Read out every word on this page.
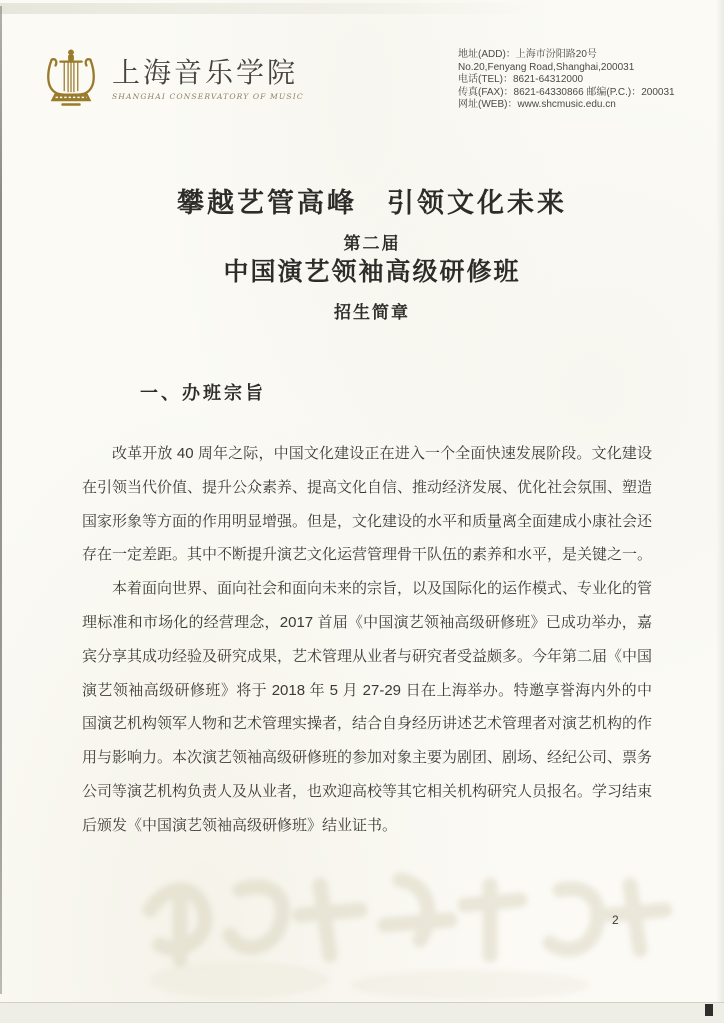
上海音乐学院
SHANGHAI CONSERVATORY OF MUSIC
地址(ADD)：上海市汾阳路20号
No.20,Fenyang Road,Shanghai,200031
电话(TEL)：8621-64312000
传真(FAX)：8621-64330866 邮编(P.C.)：200031
网址(WEB)：www.shcmusic.edu.cn
攀越艺管高峰　引领文化未来
第二届
中国演艺领袖高级研修班
招生简章
一、办班宗旨

改革开放 40 周年之际，中国文化建设正在进入一个全面快速发展阶段。文化建设在引领当代价值、提升公众素养、提高文化自信、推动经济发展、优化社会氛围、塑造国家形象等方面的作用明显增强。但是，文化建设的水平和质量离全面建成小康社会还存在一定差距。其中不断提升演艺文化运营管理骨干队伍的素养和水平，是关键之一。

本着面向世界、面向社会和面向未来的宗旨，以及国际化的运作模式、专业化的管理标准和市场化的经营理念，2017 首届《中国演艺领袖高级研修班》已成功举办，嘉宾分享其成功经验及研究成果，艺术管理从业者与研究者受益颇多。今年第二届《中国演艺领袖高级研修班》将于 2018 年 5 月 27-29 日在上海举办。特邀享誉海内外的中国演艺机构领军人物和艺术管理实操者，结合自身经历讲述艺术管理者对演艺机构的作用与影响力。本次演艺领袖高级研修班的参加对象主要为剧团、剧场、经纪公司、票务公司等演艺机构负责人及从业者，也欢迎高校等其它相关机构研究人员报名。学习结束后颁发《中国演艺领袖高级研修班》结业证书。

2
